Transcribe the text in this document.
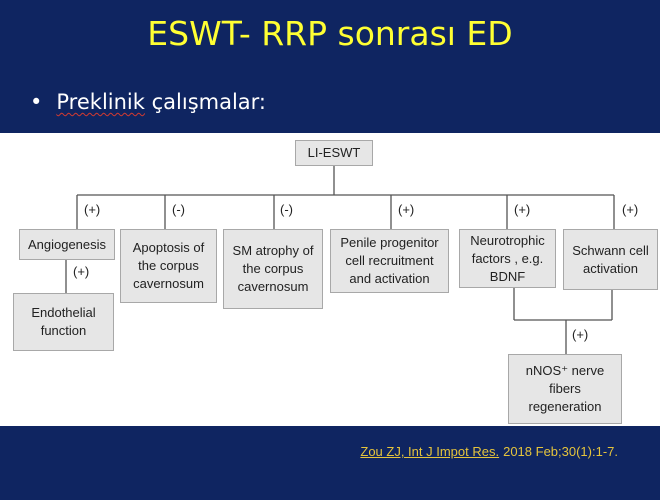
ESWT- RRP sonrası ED
• Preklinik çalışmalar:
LI-ESWT
(+)	(-)	(-)	(+)	(+)	(+)
(+)
(+)
Angiogenesis
Endothelial function
Apoptosis of the corpus cavernosum
SM atrophy of the corpus cavernosum
Penile progenitor cell recruitment and activation
Neurotrophic factors , e.g. BDNF
Schwann cell activation
nNOS⁺ nerve fibers regeneration
Zou ZJ, Int J Impot Res. 2018 Feb;30(1):1-7.
